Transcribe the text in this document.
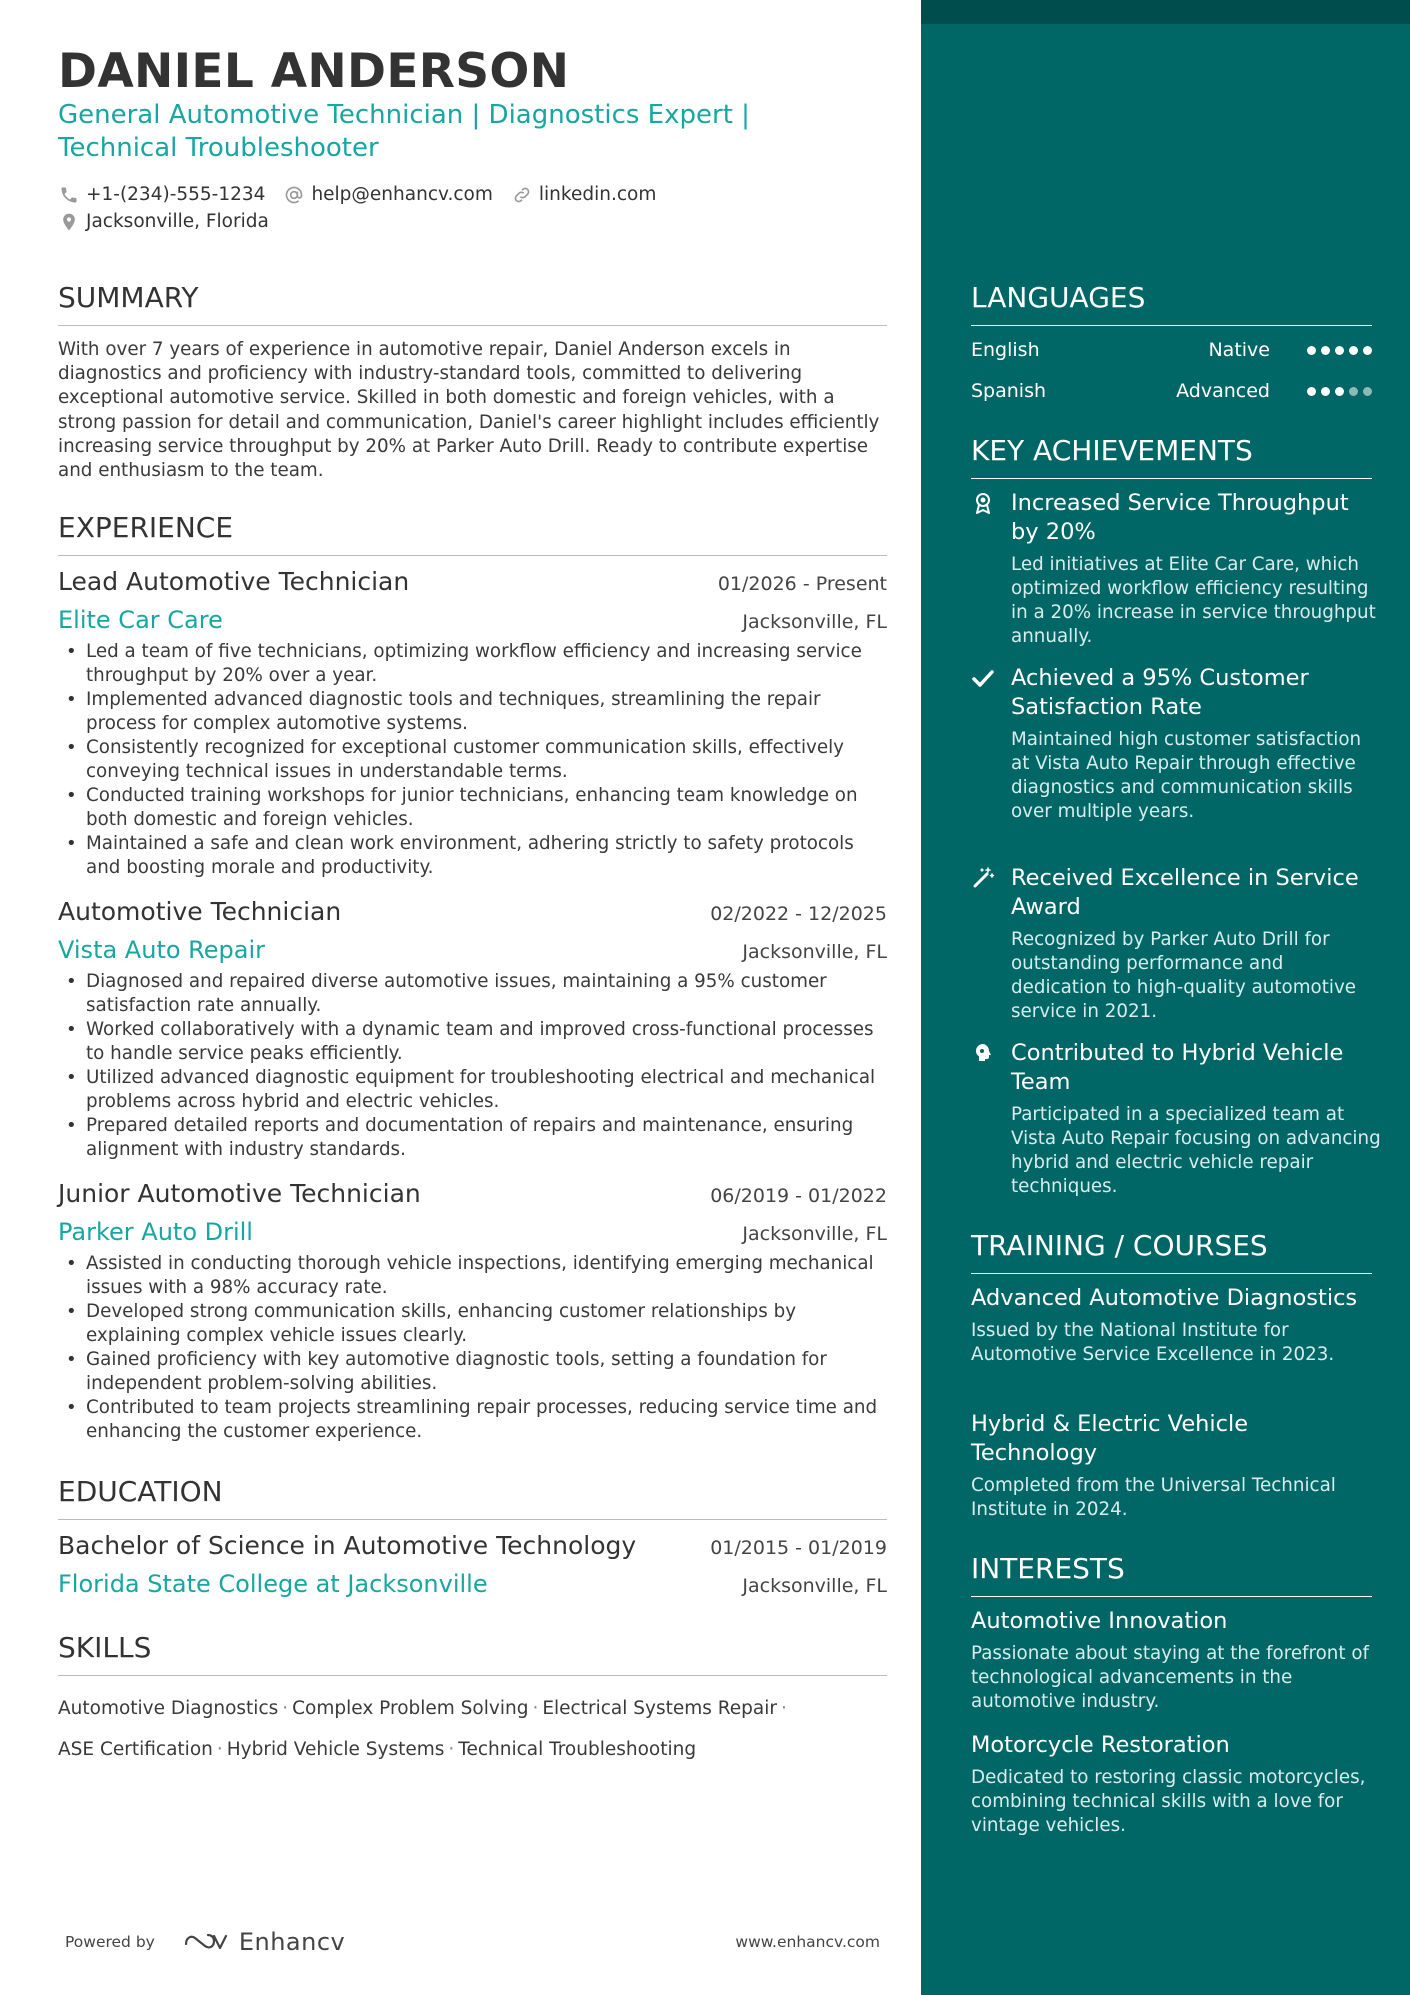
DANIEL ANDERSON
General Automotive Technician | Diagnostics Expert | Technical Troubleshooter
+1-(234)-555-1234 help@enhancv.com linkedin.com
Jacksonville, Florida
SUMMARY
With over 7 years of experience in automotive repair, Daniel Anderson excels in diagnostics and proficiency with industry-standard tools, committed to delivering exceptional automotive service. Skilled in both domestic and foreign vehicles, with a strong passion for detail and communication, Daniel's career highlight includes efficiently increasing service throughput by 20% at Parker Auto Drill. Ready to contribute expertise and enthusiasm to the team.
EXPERIENCE
Lead Automotive Technician	01/2026 - Present
Elite Car Care	Jacksonville, FL
• Led a team of five technicians, optimizing workflow efficiency and increasing service throughput by 20% over a year.
• Implemented advanced diagnostic tools and techniques, streamlining the repair process for complex automotive systems.
• Consistently recognized for exceptional customer communication skills, effectively conveying technical issues in understandable terms.
• Conducted training workshops for junior technicians, enhancing team knowledge on both domestic and foreign vehicles.
• Maintained a safe and clean work environment, adhering strictly to safety protocols and boosting morale and productivity.
Automotive Technician	02/2022 - 12/2025
Vista Auto Repair	Jacksonville, FL
• Diagnosed and repaired diverse automotive issues, maintaining a 95% customer satisfaction rate annually.
• Worked collaboratively with a dynamic team and improved cross-functional processes to handle service peaks efficiently.
• Utilized advanced diagnostic equipment for troubleshooting electrical and mechanical problems across hybrid and electric vehicles.
• Prepared detailed reports and documentation of repairs and maintenance, ensuring alignment with industry standards.
Junior Automotive Technician	06/2019 - 01/2022
Parker Auto Drill	Jacksonville, FL
• Assisted in conducting thorough vehicle inspections, identifying emerging mechanical issues with a 98% accuracy rate.
• Developed strong communication skills, enhancing customer relationships by explaining complex vehicle issues clearly.
• Gained proficiency with key automotive diagnostic tools, setting a foundation for independent problem-solving abilities.
• Contributed to team projects streamlining repair processes, reducing service time and enhancing the customer experience.
EDUCATION
Bachelor of Science in Automotive Technology	01/2015 - 01/2019
Florida State College at Jacksonville	Jacksonville, FL
SKILLS
Automotive Diagnostics · Complex Problem Solving · Electrical Systems Repair ·
ASE Certification · Hybrid Vehicle Systems · Technical Troubleshooting
Powered by	Enhancv	www.enhancv.com
LANGUAGES
English	Native
Spanish	Advanced
KEY ACHIEVEMENTS
Increased Service Throughput by 20%
Led initiatives at Elite Car Care, which optimized workflow efficiency resulting in a 20% increase in service throughput annually.
Achieved a 95% Customer Satisfaction Rate
Maintained high customer satisfaction at Vista Auto Repair through effective diagnostics and communication skills over multiple years.
Received Excellence in Service Award
Recognized by Parker Auto Drill for outstanding performance and dedication to high-quality automotive service in 2021.
Contributed to Hybrid Vehicle Team
Participated in a specialized team at Vista Auto Repair focusing on advancing hybrid and electric vehicle repair techniques.
TRAINING / COURSES
Advanced Automotive Diagnostics
Issued by the National Institute for Automotive Service Excellence in 2023.
Hybrid & Electric Vehicle Technology
Completed from the Universal Technical Institute in 2024.
INTERESTS
Automotive Innovation
Passionate about staying at the forefront of technological advancements in the automotive industry.
Motorcycle Restoration
Dedicated to restoring classic motorcycles, combining technical skills with a love for vintage vehicles.
